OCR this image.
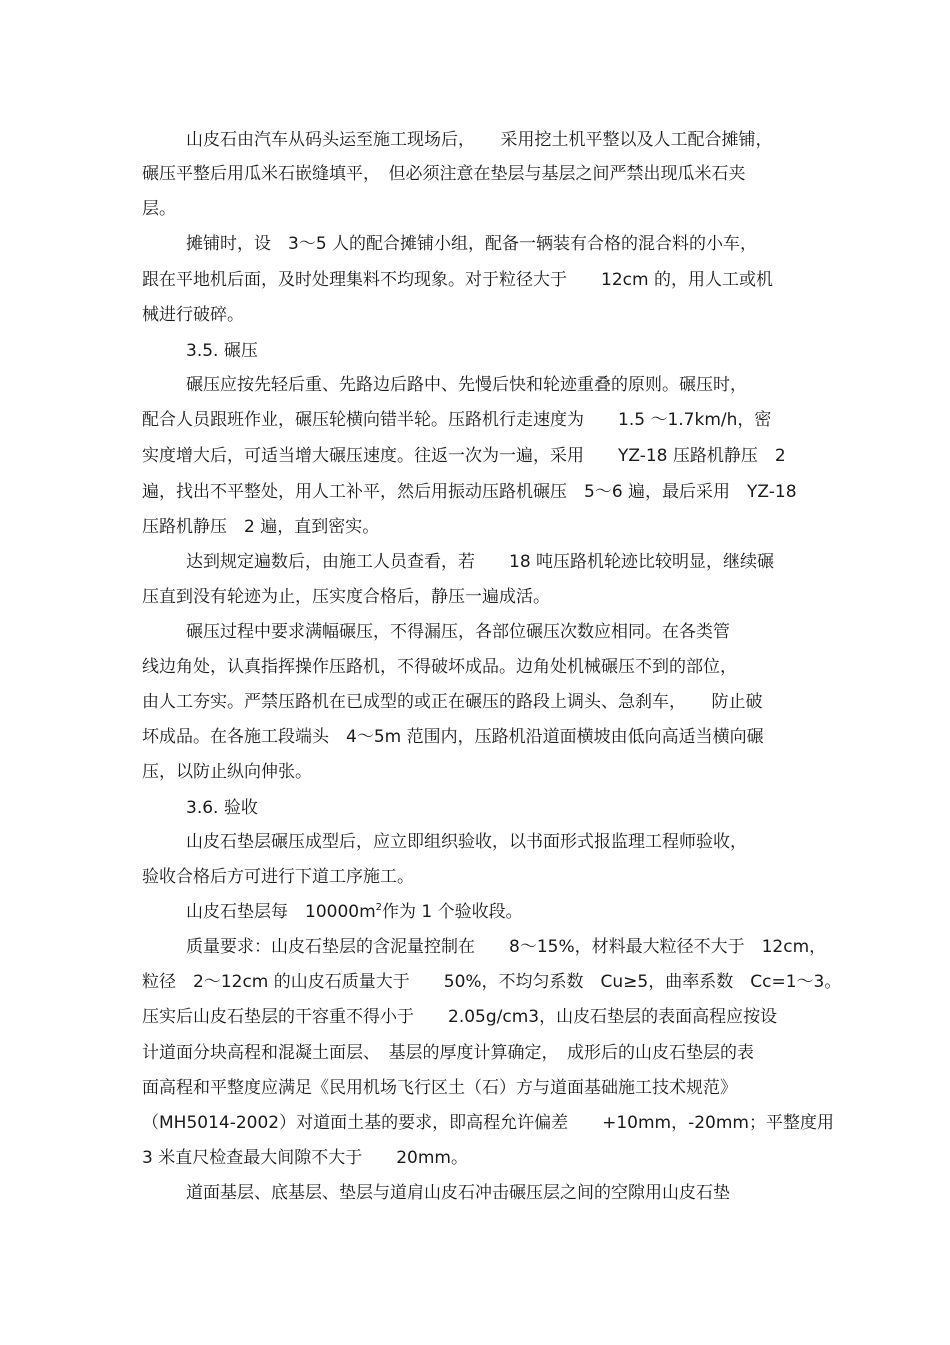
山皮石由汽车从码头运至施工现场后，　　采用挖土机平整以及人工配合摊铺，
碾压平整后用瓜米石嵌缝填平，　但必须注意在垫层与基层之间严禁出现瓜米石夹
层。
摊铺时，设　3～5 人的配合摊铺小组，配备一辆装有合格的混合料的小车，
跟在平地机后面，及时处理集料不均现象。对于粒径大于　　12cm 的，用人工或机
械进行破碎。
3.5. 碾压
碾压应按先轻后重、先路边后路中、先慢后快和轮迹重叠的原则。碾压时，
配合人员跟班作业，碾压轮横向错半轮。压路机行走速度为　　1.5 ～1.7km/h，密
实度增大后，可适当增大碾压速度。往返一次为一遍，采用　　YZ-18 压路机静压　2
遍，找出不平整处，用人工补平，然后用振动压路机碾压　5～6 遍，最后采用　YZ-18
压路机静压　2 遍，直到密实。
达到规定遍数后，由施工人员查看，若　　18 吨压路机轮迹比较明显，继续碾
压直到没有轮迹为止，压实度合格后，静压一遍成活。
碾压过程中要求满幅碾压，不得漏压，各部位碾压次数应相同。在各类管
线边角处，认真指挥操作压路机，不得破坏成品。边角处机械碾压不到的部位，
由人工夯实。严禁压路机在已成型的或正在碾压的路段上调头、急刹车，　　防止破
坏成品。在各施工段端头　4～5m 范围内，压路机沿道面横坡由低向高适当横向碾
压，以防止纵向伸张。
3.6. 验收
山皮石垫层碾压成型后，应立即组织验收，以书面形式报监理工程师验收，
验收合格后方可进行下道工序施工。
山皮石垫层每　$10000m^2$作为 1 个验收段。
质量要求：山皮石垫层的含泥量控制在　　8～15%，材料最大粒径不大于　12cm，
粒径　2～12cm 的山皮石质量大于　　50%，不均匀系数　Cu≥5，曲率系数　Cc=1～3。
压实后山皮石垫层的干容重不得小于　　2.05g/cm3，山皮石垫层的表面高程应按设
计道面分块高程和混凝土面层、　基层的厚度计算确定，　成形后的山皮石垫层的表
面高程和平整度应满足《民用机场飞行区土（石）方与道面基础施工技术规范》
（MH5014-2002）对道面土基的要求，即高程允许偏差　　+10mm，-20mm；平整度用
3 米直尺检查最大间隙不大于　　20mm。
道面基层、底基层、垫层与道肩山皮石冲击碾压层之间的空隙用山皮石垫
